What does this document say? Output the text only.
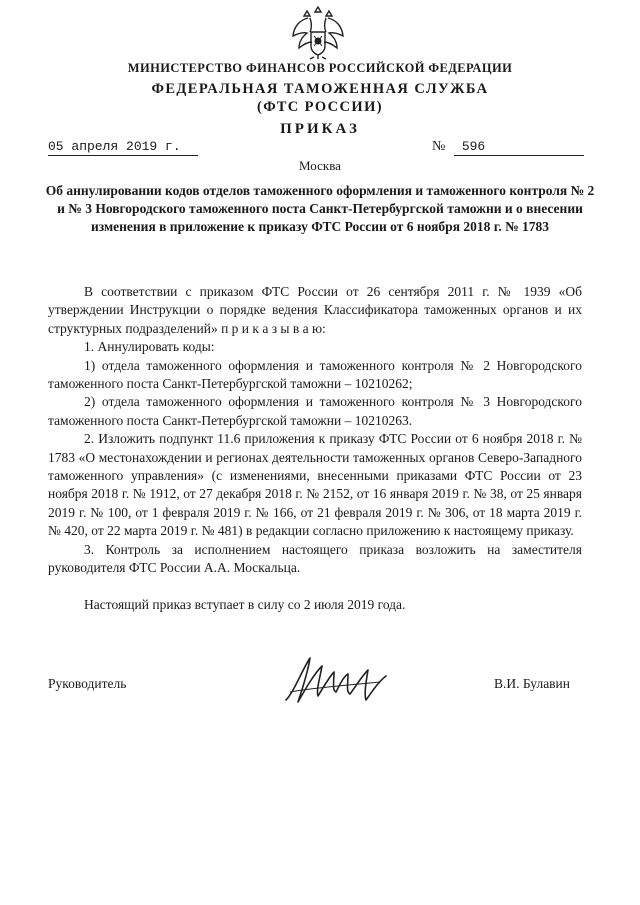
МИНИСТЕРСТВО ФИНАНСОВ РОССИЙСКОЙ ФЕДЕРАЦИИ
ФЕДЕРАЛЬНАЯ ТАМОЖЕННАЯ СЛУЖБА
(ФТС РОССИИ)
ПРИКАЗ
05 апреля 2019 г.	№	596
Москва
Об аннулировании кодов отделов таможенного оформления и таможенного контроля № 2 и № 3 Новгородского таможенного поста Санкт-Петербургской таможни и о внесении изменения в приложение к приказу ФТС России от 6 ноября 2018 г. № 1783

В соответствии с приказом ФТС России от 26 сентября 2011 г. № 1939 «Об утверждении Инструкции о порядке ведения Классификатора таможенных органов и их структурных подразделений» п р и к а з ы в а ю:

1. Аннулировать коды:

1) отдела таможенного оформления и таможенного контроля № 2 Новгородского таможенного поста Санкт-Петербургской таможни – 10210262;

2) отдела таможенного оформления и таможенного контроля № 3 Новгородского таможенного поста Санкт-Петербургской таможни – 10210263.

2. Изложить подпункт 11.6 приложения к приказу ФТС России от 6 ноября 2018 г. № 1783 «О местонахождении и регионах деятельности таможенных органов Северо-Западного таможенного управления» (с изменениями, внесенными приказами ФТС России от 23 ноября 2018 г. № 1912, от 27 декабря 2018 г. № 2152, от 16 января 2019 г. № 38, от 25 января 2019 г. № 100, от 1 февраля 2019 г. № 166, от 21 февраля 2019 г. № 306, от 18 марта 2019 г. № 420, от 22 марта 2019 г. № 481) в редакции согласно приложению к настоящему приказу.

3. Контроль за исполнением настоящего приказа возложить на заместителя руководителя ФТС России А.А. Москальца.

Настоящий приказ вступает в силу со 2 июля 2019 года.

Руководитель	В.И. Булавин
